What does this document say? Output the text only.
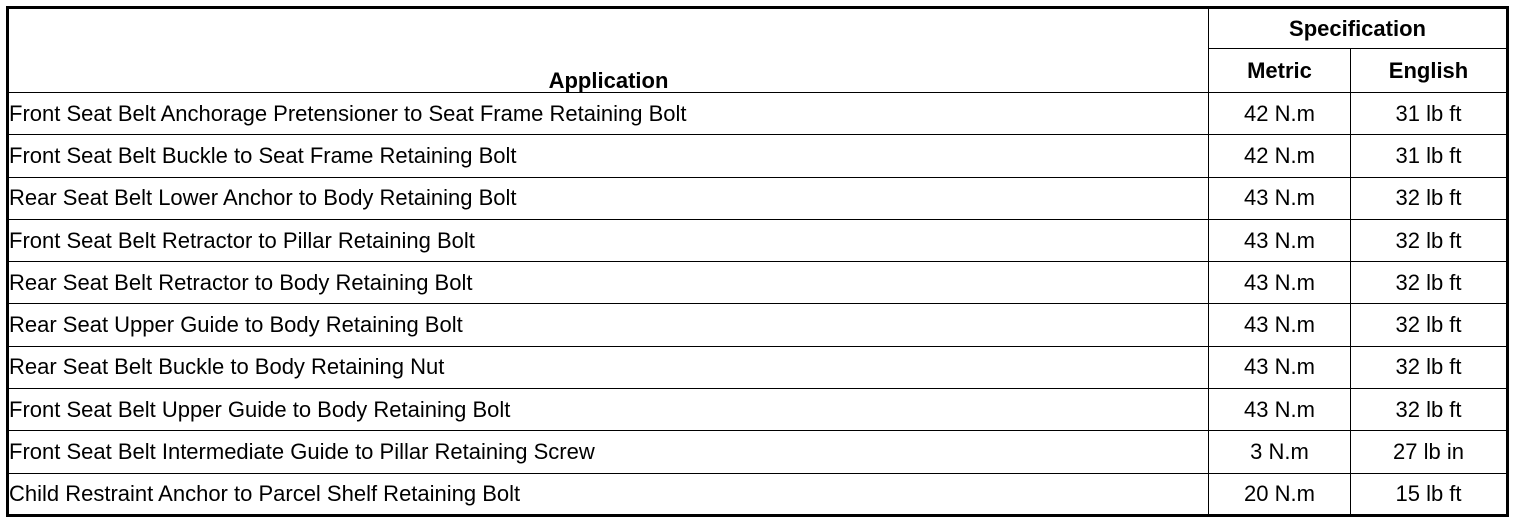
Application	Specification	
	Metric	English
Front Seat Belt Anchorage Pretensioner to Seat Frame Retaining Bolt	42 N.m	31 lb ft
Front Seat Belt Buckle to Seat Frame Retaining Bolt	42 N.m	31 lb ft
Rear Seat Belt Lower Anchor to Body Retaining Bolt	43 N.m	32 lb ft
Front Seat Belt Retractor to Pillar Retaining Bolt	43 N.m	32 lb ft
Rear Seat Belt Retractor to Body Retaining Bolt	43 N.m	32 lb ft
Rear Seat Upper Guide to Body Retaining Bolt	43 N.m	32 lb ft
Rear Seat Belt Buckle to Body Retaining Nut	43 N.m	32 lb ft
Front Seat Belt Upper Guide to Body Retaining Bolt	43 N.m	32 lb ft
Front Seat Belt Intermediate Guide to Pillar Retaining Screw	3 N.m	27 lb in
Child Restraint Anchor to Parcel Shelf Retaining Bolt	20 N.m	15 lb ft
